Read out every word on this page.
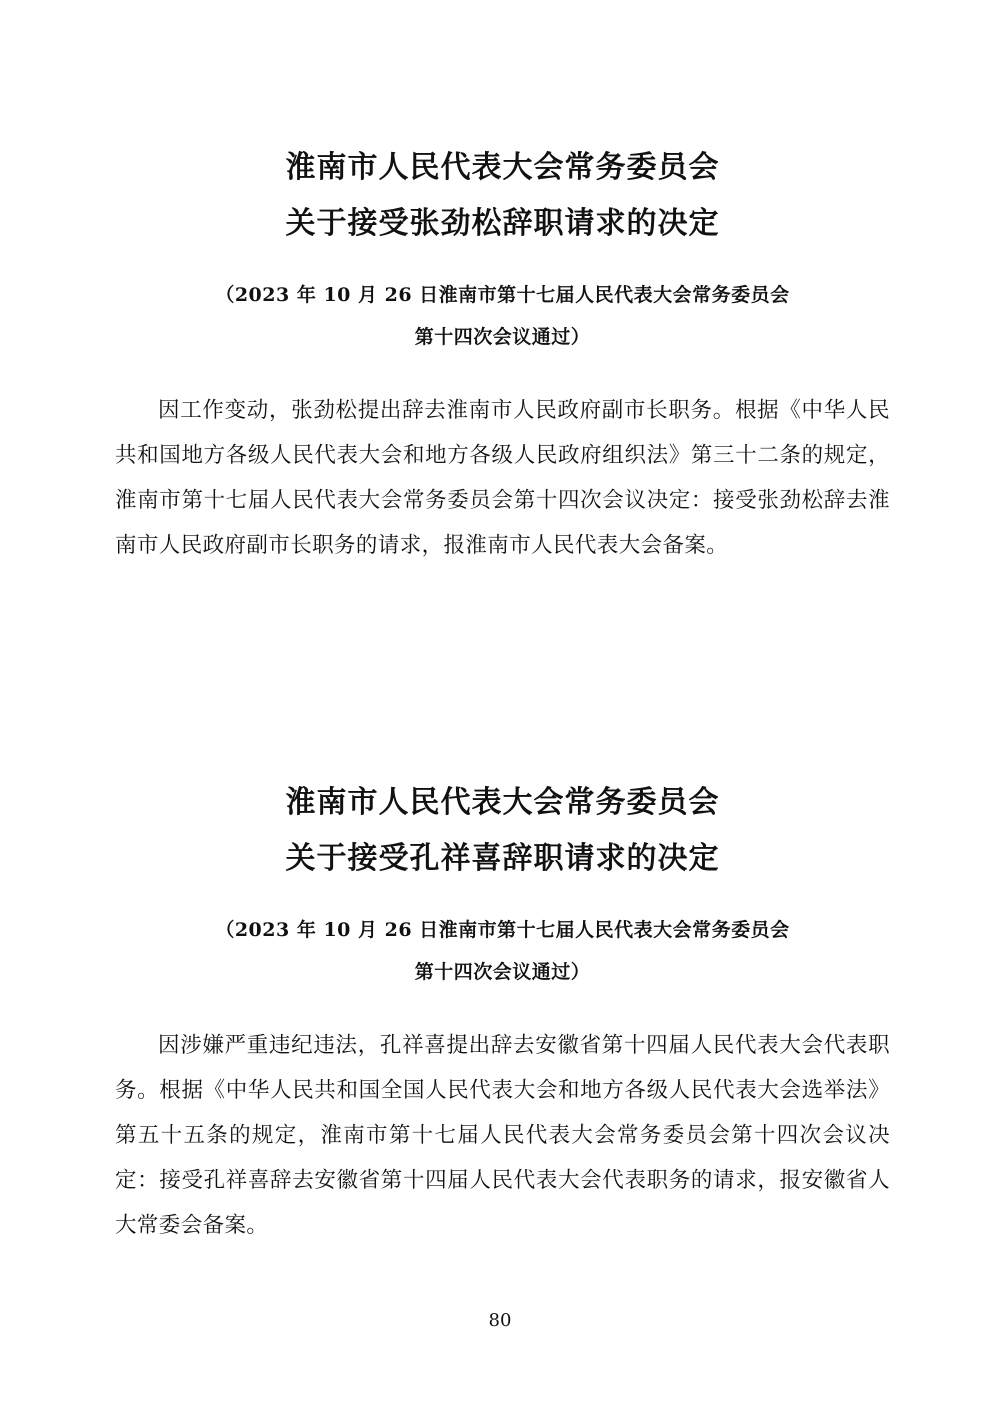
淮南市人民代表大会常务委员会
关于接受张劲松辞职请求的决定
（2023 年 10 月 26 日淮南市第十七届人民代表大会常务委员会
第十四次会议通过）

因工作变动，张劲松提出辞去淮南市人民政府副市长职务。根据《中华人民共和国地方各级人民代表大会和地方各级人民政府组织法》第三十二条的规定，淮南市第十七届人民代表大会常务委员会第十四次会议决定：接受张劲松辞去淮南市人民政府副市长职务的请求，报淮南市人民代表大会备案。

淮南市人民代表大会常务委员会
关于接受孔祥喜辞职请求的决定
（2023 年 10 月 26 日淮南市第十七届人民代表大会常务委员会
第十四次会议通过）

因涉嫌严重违纪违法，孔祥喜提出辞去安徽省第十四届人民代表大会代表职务。根据《中华人民共和国全国人民代表大会和地方各级人民代表大会选举法》第五十五条的规定，淮南市第十七届人民代表大会常务委员会第十四次会议决定：接受孔祥喜辞去安徽省第十四届人民代表大会代表职务的请求，报安徽省人大常委会备案。

80
